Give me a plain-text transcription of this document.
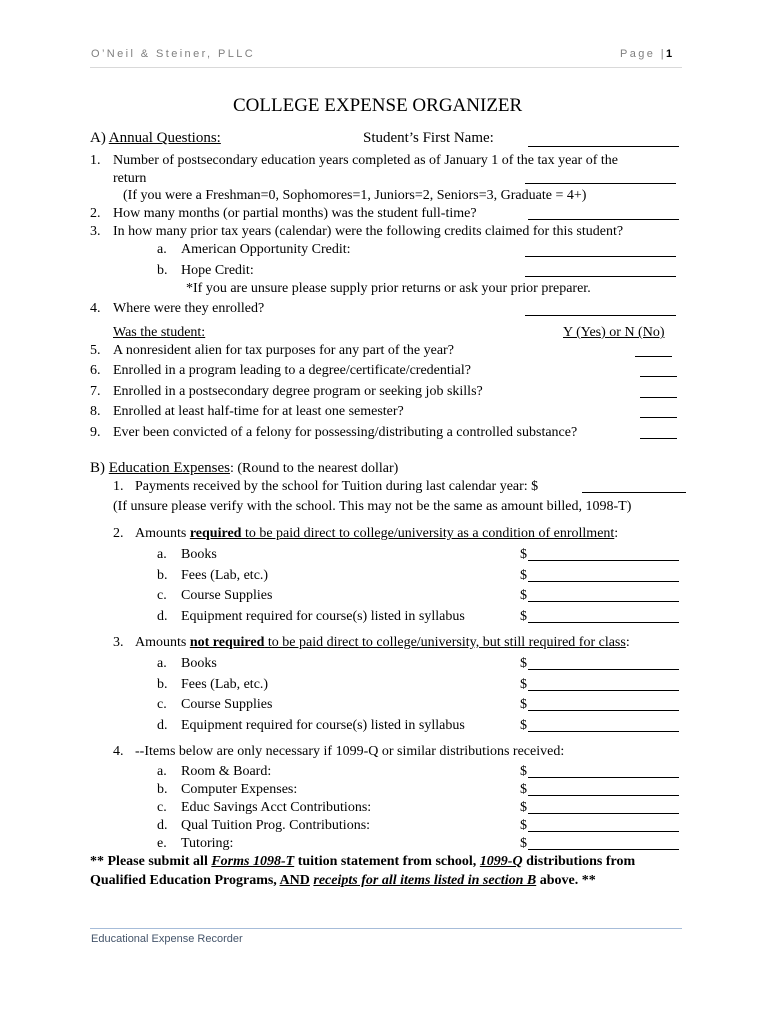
O’Neil & Steiner, PLLC	Page |1
COLLEGE EXPENSE ORGANIZER
A) Annual Questions:	Student’s First Name:
1. Number of postsecondary education years completed as of January 1 of the tax year of the
return
(If you were a Freshman=0, Sophomores=1, Juniors=2, Seniors=3, Graduate = 4+)
2. How many months (or partial months) was the student full-time?
3. In how many prior tax years (calendar) were the following credits claimed for this student?
a. American Opportunity Credit:
b. Hope Credit:
*If you are unsure please supply prior returns or ask your prior preparer.
4. Where were they enrolled?
Was the student:	Y (Yes) or N (No)
5. A nonresident alien for tax purposes for any part of the year?
6. Enrolled in a program leading to a degree/certificate/credential?
7. Enrolled in a postsecondary degree program or seeking job skills?
8. Enrolled at least half-time for at least one semester?
9. Ever been convicted of a felony for possessing/distributing a controlled substance?
B) Education Expenses: (Round to the nearest dollar)
1. Payments received by the school for Tuition during last calendar year: $
(If unsure please verify with the school. This may not be the same as amount billed, 1098-T)
2. Amounts required to be paid direct to college/university as a condition of enrollment:
a. Books	$
b. Fees (Lab, etc.)	$
c. Course Supplies	$
d. Equipment required for course(s) listed in syllabus	$
3. Amounts not required to be paid direct to college/university, but still required for class:
a. Books	$
b. Fees (Lab, etc.)	$
c. Course Supplies	$
d. Equipment required for course(s) listed in syllabus	$
4. --Items below are only necessary if 1099-Q or similar distributions received:
a. Room & Board:	$
b. Computer Expenses:	$
c. Educ Savings Acct Contributions:	$
d. Qual Tuition Prog. Contributions:	$
e. Tutoring:	$
** Please submit all Forms 1098-T tuition statement from school, 1099-Q distributions from
Qualified Education Programs, AND receipts for all items listed in section B above. **
Educational Expense Recorder
